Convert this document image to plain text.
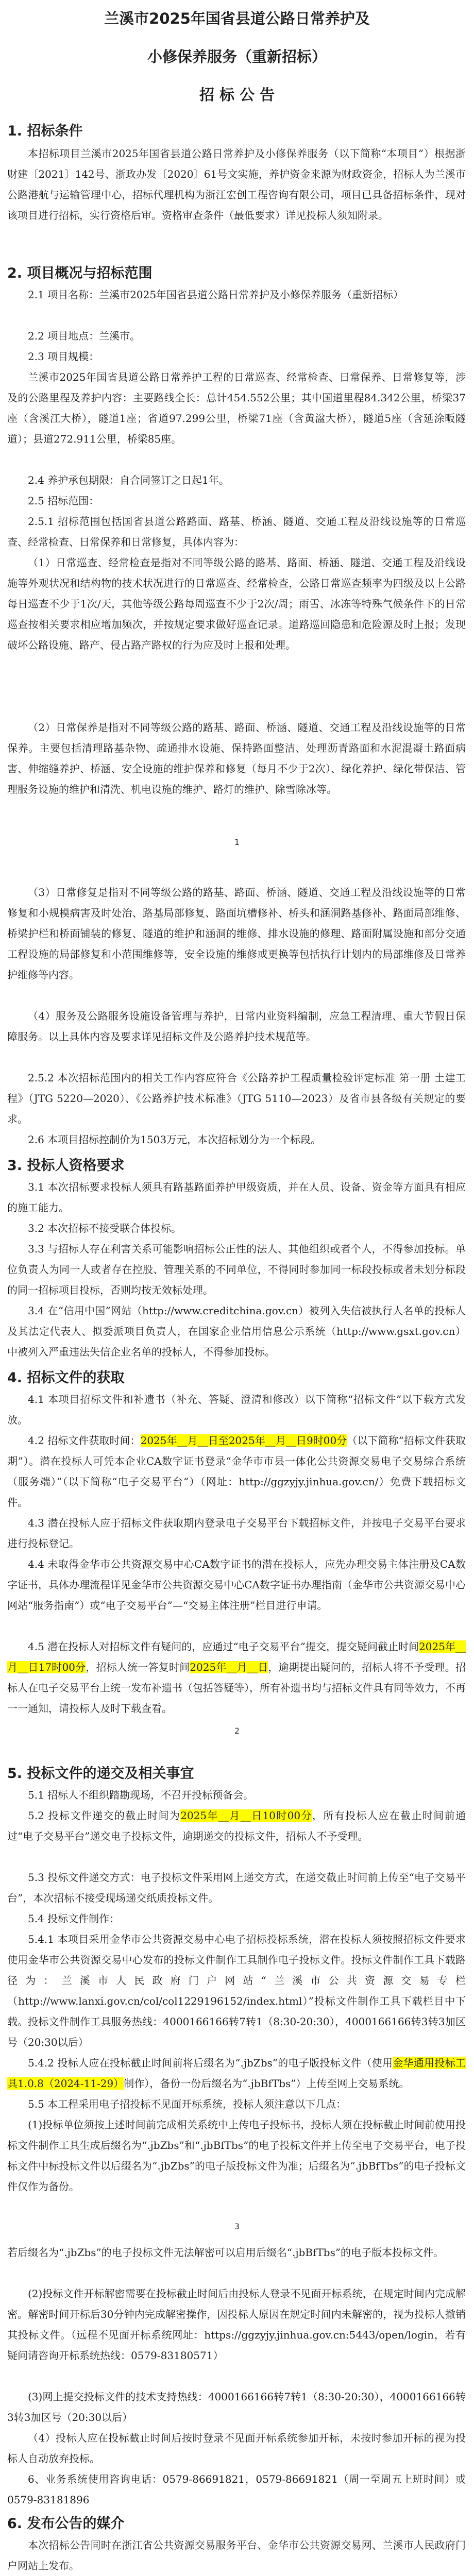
兰溪市2025年国省县道公路日常养护及
小修保养服务（重新招标）
招 标 公 告
1. 招标条件

本招标项目兰溪市2025年国省县道公路日常养护及小修保养服务（以下简称“本项目”）根据浙财建〔2021〕142号、浙政办发〔2020〕61号文实施，养护资金来源为财政资金，招标人为兰溪市公路港航与运输管理中心，招标代理机构为浙江宏创工程咨询有限公司，项目已具备招标条件，现对该项目进行招标，实行资格后审。资格审查条件（最低要求）详见投标人须知附录。

2. 项目概况与招标范围

2.1 项目名称：兰溪市2025年国省县道公路日常养护及小修保养服务（重新招标）

2.2 项目地点：兰溪市。

2.3 项目规模：

兰溪市2025年国省县道公路日常养护工程的日常巡查、经常检查、日常保养、日常修复等，涉及的公路里程及养护内容：主要路线全长：总计454.552公里；其中国道里程84.342公里，桥梁37座（含溪江大桥），隧道1座；省道97.299公里，桥梁71座（含黄湓大桥），隧道5座（含延涂畈隧道）；县道272.911公里，桥梁85座。

2.4 养护承包期限：自合同签订之日起1年。

2.5 招标范围：

2.5.1 招标范围包括国省县道公路路面、路基、桥涵、隧道、交通工程及沿线设施等的日常巡查、经常检查、日常保养和日常修复，具体内容为：

（1）日常巡查、经常检查是指对不同等级公路的路基、路面、桥涵、隧道、交通工程及沿线设施等外观状况和结构物的技术状况进行的日常巡查、经常检查，公路日常巡查频率为四级及以上公路每日巡查不少于1次/天，其他等级公路每周巡查不少于2次/周；雨雪、冰冻等特殊气候条件下的日常巡查按相关要求相应增加频次，并按规定要求做好巡查记录。道路巡回隐患和危险源及时上报；发现破坏公路设施、路产、侵占路产路权的行为应及时上报和处理。

（2）日常保养是指对不同等级公路的路基、路面、桥涵、隧道、交通工程及沿线设施等的日常保养。主要包括清理路基杂物、疏通排水设施、保持路面整洁、处理沥青路面和水泥混凝土路面病害、伸缩缝养护、桥涵、安全设施的维护保养和修复（每月不少于2次）、绿化养护、绿化带保洁、管理服务设施的维护和清洗、机电设施的维护、路灯的维护、除雪除冰等。

1

（3）日常修复是指对不同等级公路的路基、路面、桥涵、隧道、交通工程及沿线设施等的日常修复和小规模病害及时处治、路基局部修复、路面坑槽修补、桥头和涵洞路基修补、路面局部维修、桥梁护栏和桥面铺装的修复、隧道的维护和涵洞的维修、排水设施的修理、路面附属设施和部分交通工程设施的局部修复和小范围维修等，安全设施的维修或更换等包括执行计划内的局部维修及日常养护维修等内容。

（4）服务及公路服务设施设备管理与养护，日常内业资料编制，应急工程清理、重大节假日保障服务。以上具体内容及要求详见招标文件及公路养护技术规范等。

2.5.2 本次招标范围内的相关工作内容应符合《公路养护工程质量检验评定标准 第一册 土建工程》（JTG 5220—2020）、《公路养护技术标准》（JTG 5110—2023）及省市县各级有关规定的要求。

2.6 本项目招标控制价为1503万元，本次招标划分为一个标段。

3. 投标人资格要求

3.1 本次招标要求投标人须具有路基路面养护甲级资质，并在人员、设备、资金等方面具有相应的施工能力。

3.2 本次招标不接受联合体投标。

3.3 与招标人存在利害关系可能影响招标公正性的法人、其他组织或者个人，不得参加投标。单位负责人为同一人或者存在控股、管理关系的不同单位，不得同时参加同一标段投标或者未划分标段的同一招标项目投标，否则均按无效标处理。

3.4 在“信用中国”网站（http://www.creditchina.gov.cn）被列入失信被执行人名单的投标人及其法定代表人、拟委派项目负责人，在国家企业信用信息公示系统（http://www.gsxt.gov.cn）中被列入严重违法失信企业名单的投标人，不得参加投标。

4. 招标文件的获取

4.1 本项目招标文件和补遗书（补充、答疑、澄清和修改）以下简称“招标文件”以下载方式发放。

4.2 招标文件获取时间：2025年__月__日至2025年__月__日9时00分（以下简称“招标文件获取期”）。潜在投标人可凭本企业CA数字证书登录“金华市市县一体化公共资源交易电子交易综合系统（服务端）”（以下简称“电子交易平台”）（网址：http://ggzyjy.jinhua.gov.cn/）免费下载招标文件。

4.3 潜在投标人应于招标文件获取期内登录电子交易平台下载招标文件，并按电子交易平台要求进行投标登记。

4.4 未取得金华市公共资源交易中心CA数字证书的潜在投标人，应先办理交易主体注册及CA数字证书，具体办理流程详见金华市公共资源交易中心CA数字证书办理指南（金华市公共资源交易中心网站“服务指南”）或“电子交易平台”—“交易主体注册”栏目进行申请。

4.5 潜在投标人对招标文件有疑问的，应通过“电子交易平台”提交，提交疑问截止时间2025年__月__日17时00分，招标人统一答复时间2025年__月__日，逾期提出疑问的，招标人将不予受理。招标人在电子交易平台上统一发布补遗书（包括答疑等），所有补遗书均与招标文件具有同等效力，不再一一通知，请投标人及时下载查看。

2
5. 投标文件的递交及相关事宜

5.1 招标人不组织踏勘现场，不召开投标预备会。

5.2 投标文件递交的截止时间为2025年__月__日10时00分，所有投标人应在截止时间前通过“电子交易平台”递交电子投标文件，逾期递交的投标文件，招标人不予受理。

5.3 投标文件递交方式：电子投标文件采用网上递交方式，在递交截止时间前上传至“电子交易平台”，本次招标不接受现场递交纸质投标文件。

5.4 投标文件制作：

5.4.1 本项目采用金华市公共资源交易中心电子招标投标系统，潜在投标人须按照招标文件要求使用金华市公共资源交易中心发布的投标文件制作工具制作电子投标文件。投标文件制作工具下载路径为：兰溪市人民政府门户网站“兰溪市公共资源交易专栏（http://www.lanxi.gov.cn/col/col1229196152/index.html）”投标文件制作工具下载栏目中下载。 投标文件制作工具服务热线：4000166166转7转1（8:30-20:30），4000166166转3转3加区号（20:30以后）

5.4.2 投标人应在投标截止时间前将后缀名为“.jbZbs”的电子版投标文件（使用金华通用投标工具1.0.8（2024-11-29）制作），备份一份后缀名为“.jbBfTbs”）上传至网上交易系统。

5.5 本工程采用电子招投标不见面开标系统，投标人须注意以下几点：

(1)投标单位须按上述时间前完成相关系统中上传电子投标书，投标人须在投标截止时间前使用投标文件制作工具生成后缀名为“.jbZbs”和“.jbBfTbs”的电子投标文件并上传至电子交易平台，电子投标文件中标投标文件以后缀名为“.jbZbs”的电子版投标文件为准；后缀名为“.jbBfTbs”的电子投标文件仅作为备份。

3

若后缀名为“.jbZbs”的电子投标文件无法解密可以启用后缀名“.jbBfTbs”的电子版本投标文件。

(2)投标文件开标解密需要在投标截止时间后由投标人登录不见面开标系统，在规定时间内完成解密。解密时间开标后30分钟内完成解密操作，因投标人原因在规定时间内未解密的，视为投标人撤销其投标文件。（远程不见面开标系统网址：https://ggzyjy.jinhua.gov.cn:5443/open/login，若有疑问请咨询开标系统热线：0579-83180571）

(3)网上提交投标文件的技术支持热线：4000166166转7转1（8:30-20:30），4000166166转3转3加区号（20:30以后）

（4）投标人应在投标截止时间后按时登录不见面开标系统参加开标，未按时参加开标的视为投标人自动放弃投标。

6、业务系统使用咨询电话：0579-86691821，0579-86691821（周一至周五上班时间）或0579-83181896

6. 发布公告的媒介

本次招标公告同时在浙江省公共资源交易服务平台、金华市公共资源交易网、兰溪市人民政府门户网站上发布。
